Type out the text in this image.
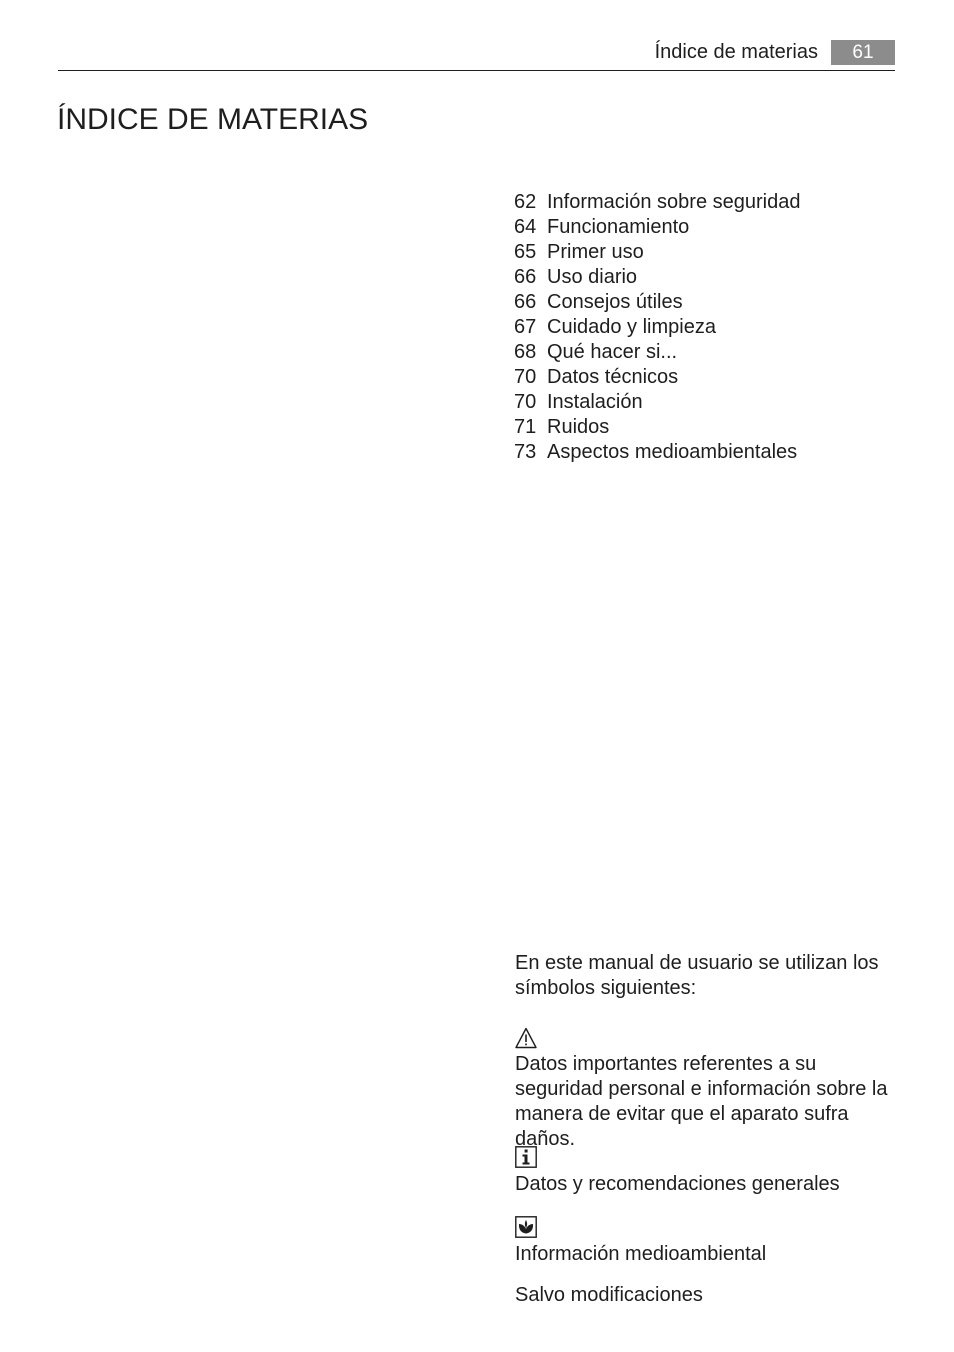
Índice de materias	61
ÍNDICE DE MATERIAS
62 Información sobre seguridad
64 Funcionamiento
65 Primer uso
66 Uso diario
66 Consejos útiles
67 Cuidado y limpieza
68 Qué hacer si...
70 Datos técnicos
70 Instalación
71 Ruidos
73 Aspectos medioambientales

En este manual de usuario se utilizan los símbolos siguientes:

Datos importantes referentes a su seguridad personal e información sobre la manera de evitar que el aparato sufra daños.

Datos y recomendaciones generales

Información medioambiental

Salvo modificaciones
